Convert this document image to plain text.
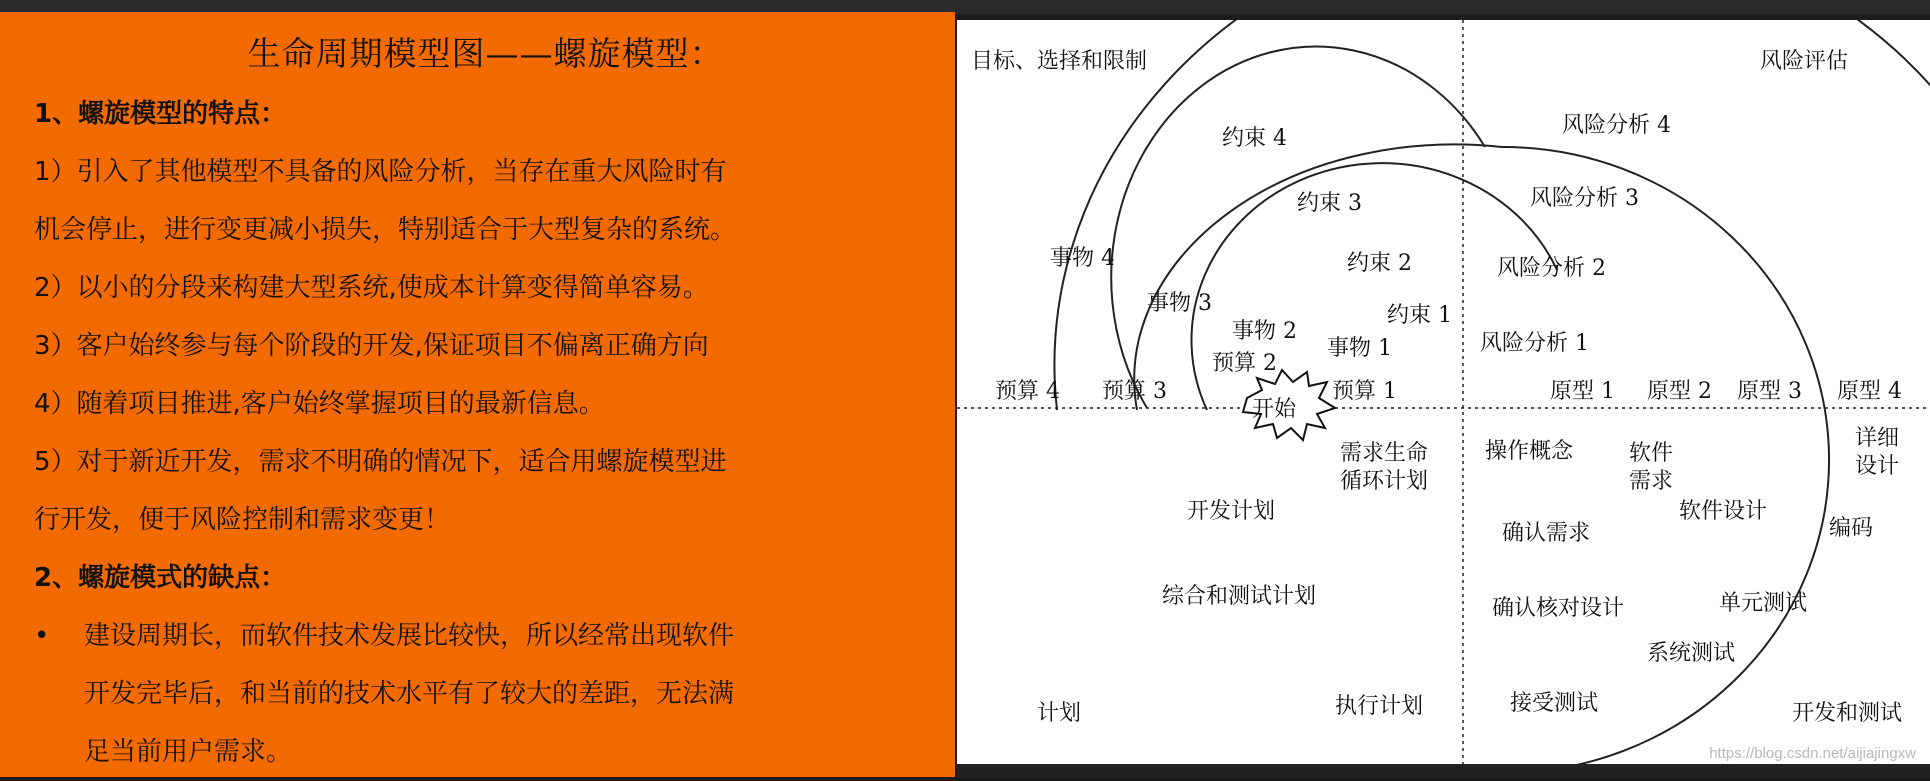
生命周期模型图——螺旋模型：
1、螺旋模型的特点：
1）引入了其他模型不具备的风险分析，当存在重大风险时有
机会停止，进行变更减小损失，特别适合于大型复杂的系统。
2）以小的分段来构建大型系统,使成本计算变得简单容易。
3）客户始终参与每个阶段的开发,保证项目不偏离正确方向
4）随着项目推进,客户始终掌握项目的最新信息。
5）对于新近开发，需求不明确的情况下，适合用螺旋模型进
行开发，便于风险控制和需求变更！
2、螺旋模式的缺点：
•	建设周期长，而软件技术发展比较快，所以经常出现软件
开发完毕后，和当前的技术水平有了较大的差距，无法满
足当前用户需求。
目标、选择和限制	风险评估
计划	开发和测试
约束 4
约束 3
约束 2
约束 1
风险分析 4
风险分析 3
风险分析 2
风险分析 1
事物 4
事物 3
事物 2
事物 1
预算 4 预算 3
预算 2
预算 1	原型 1 原型 2 原型 3 原型 4
开始
需求生命
循环计划
开发计划
综合和测试计划
执行计划
操作概念	软件
需求
确认需求
软件设计
详细
设计
编码
确认核对设计	单元测试
系统测试
接受测试
https://blog.csdn.net/aijiajingxw
